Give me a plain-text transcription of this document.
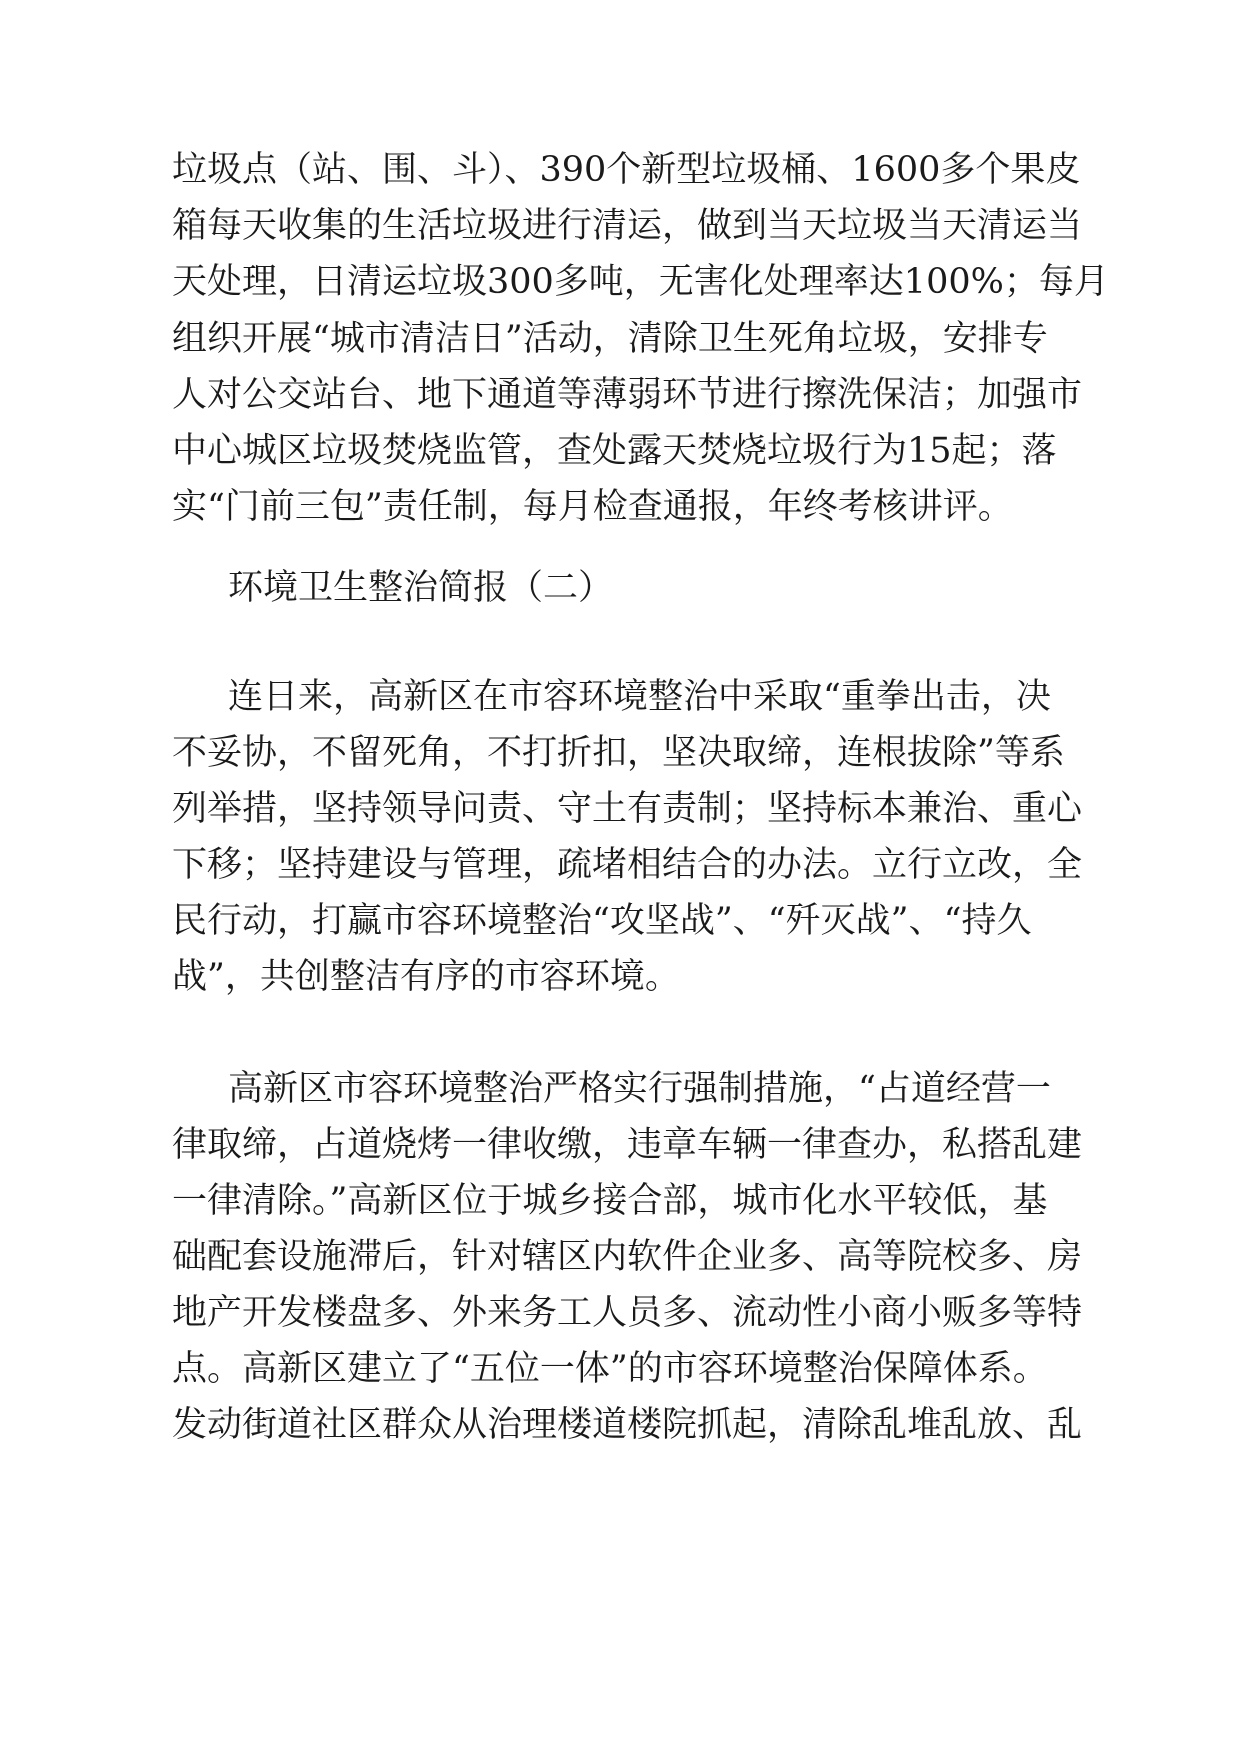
垃圾点（站、围、斗）、390个新型垃圾桶、1600多个果皮
箱每天收集的生活垃圾进行清运，做到当天垃圾当天清运当
天处理，日清运垃圾300多吨，无害化处理率达100%；每月
组织开展“城市清洁日”活动，清除卫生死角垃圾，安排专
人对公交站台、地下通道等薄弱环节进行擦洗保洁；加强市
中心城区垃圾焚烧监管，查处露天焚烧垃圾行为15起；落
实“门前三包”责任制，每月检查通报，年终考核讲评。
环境卫生整治简报（二）
连日来，高新区在市容环境整治中采取“重拳出击，决
不妥协，不留死角，不打折扣，坚决取缔，连根拔除”等系
列举措，坚持领导问责、守土有责制；坚持标本兼治、重心
下移；坚持建设与管理，疏堵相结合的办法。立行立改，全
民行动，打赢市容环境整治“攻坚战”、“歼灭战”、“持久
战”，共创整洁有序的市容环境。
高新区市容环境整治严格实行强制措施，“占道经营一
律取缔，占道烧烤一律收缴，违章车辆一律查办，私搭乱建
一律清除。”高新区位于城乡接合部，城市化水平较低，基
础配套设施滞后，针对辖区内软件企业多、高等院校多、房
地产开发楼盘多、外来务工人员多、流动性小商小贩多等特
点。高新区建立了“五位一体”的市容环境整治保障体系。
发动街道社区群众从治理楼道楼院抓起，清除乱堆乱放、乱
